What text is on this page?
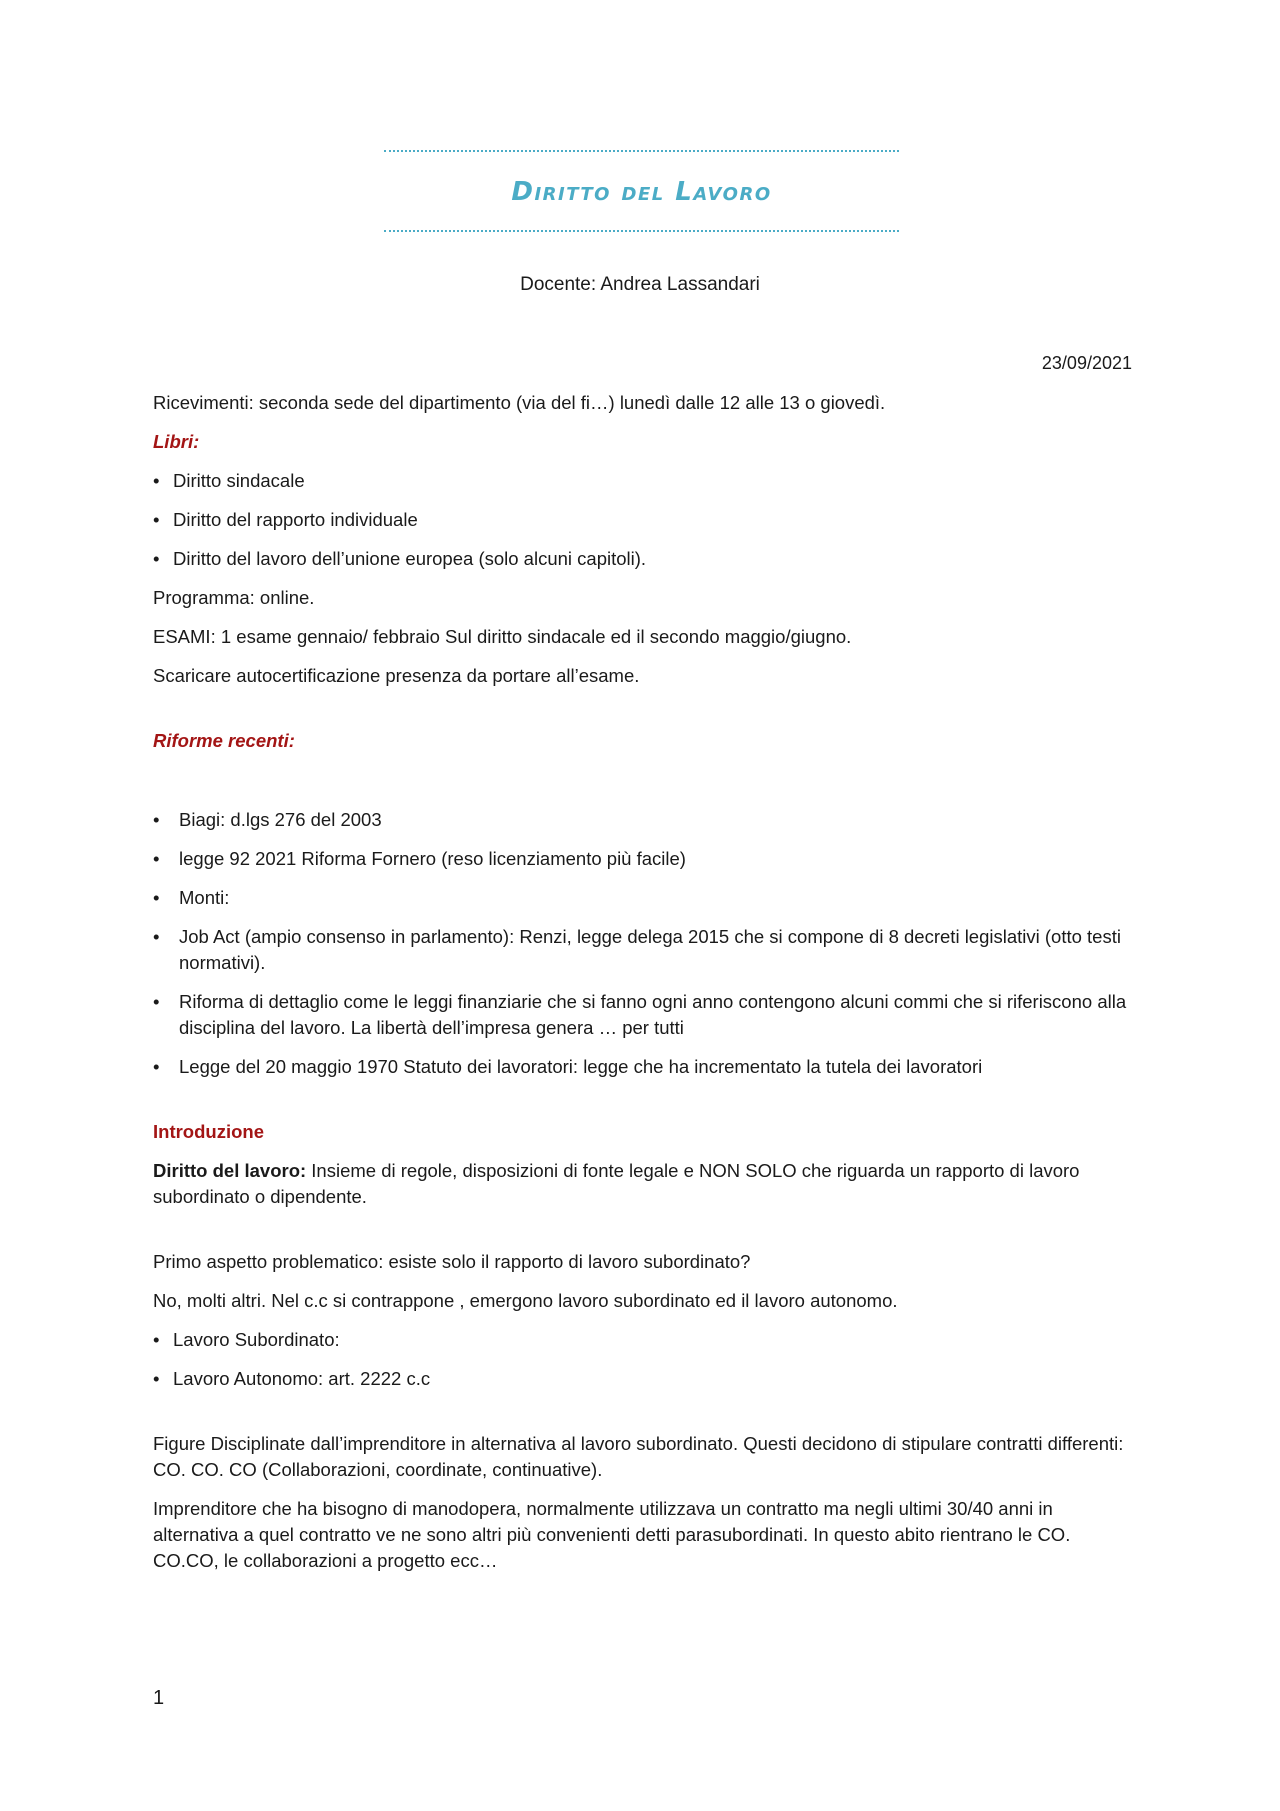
Diritto del Lavoro
Docente: Andrea Lassandari
23/09/2021

Ricevimenti: seconda sede del dipartimento (via del fi…) lunedì dalle 12 alle 13 o giovedì.

Libri:

• Diritto sindacale
• Diritto del rapporto individuale
• Diritto del lavoro dell’unione europea (solo alcuni capitoli).

Programma: online.

ESAMI: 1 esame gennaio/ febbraio Sul diritto sindacale ed il secondo maggio/giugno.

Scaricare autocertificazione presenza da portare all’esame.

Riforme recenti:

• Biagi: d.lgs 276 del 2003
• legge 92 2021 Riforma Fornero (reso licenziamento più facile)
• Monti:
• Job Act (ampio consenso in parlamento): Renzi, legge delega 2015 che si compone di 8 decreti legislativi (otto testi normativi).
• Riforma di dettaglio come le leggi finanziarie che si fanno ogni anno contengono alcuni commi che si riferiscono alla disciplina del lavoro. La libertà dell’impresa genera … per tutti
• Legge del 20 maggio 1970 Statuto dei lavoratori: legge che ha incrementato la tutela dei lavoratori

Introduzione

Diritto del lavoro: Insieme di regole, disposizioni di fonte legale e NON SOLO che riguarda un rapporto di lavoro subordinato o dipendente.

Primo aspetto problematico: esiste solo il rapporto di lavoro subordinato?

No, molti altri. Nel c.c si contrappone , emergono lavoro subordinato ed il lavoro autonomo.

• Lavoro Subordinato:
• Lavoro Autonomo: art. 2222 c.c

Figure Disciplinate dall’imprenditore in alternativa al lavoro subordinato. Questi decidono di stipulare contratti differenti: CO. CO. CO (Collaborazioni, coordinate, continuative).

Imprenditore che ha bisogno di manodopera, normalmente utilizzava un contratto ma negli ultimi 30/40 anni in alternativa a quel contratto ve ne sono altri più convenienti detti parasubordinati. In questo abito rientrano le CO. CO.CO, le collaborazioni a progetto ecc…

1
